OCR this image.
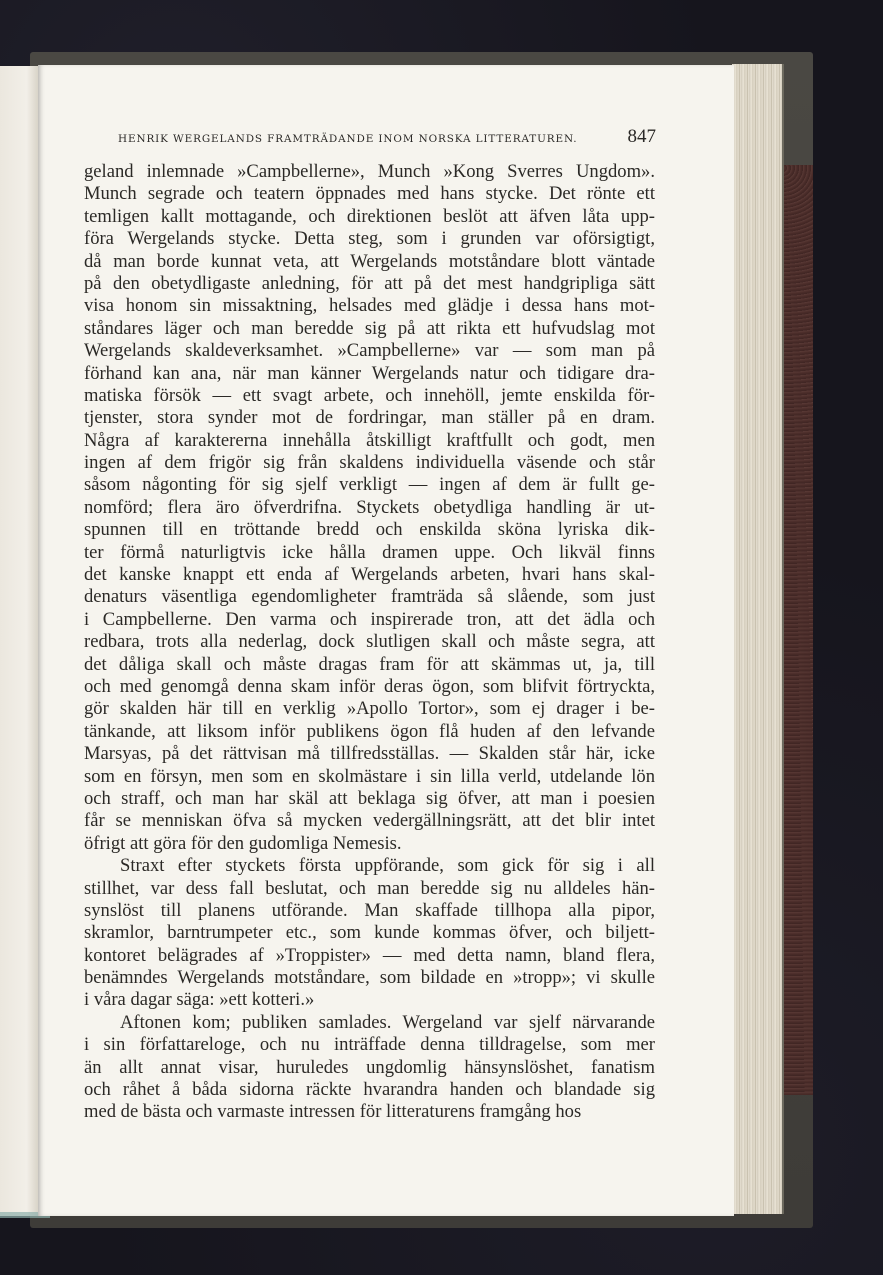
HENRIK WERGELANDS FRAMTRÄDANDE INOM NORSKA LITTERATUREN.	847
geland inlemnade »Campbellerne», Munch »Kong Sverres Ungdom».
Munch segrade och teatern öppnades med hans stycke. Det rönte ett
temligen kallt mottagande, och direktionen beslöt att äfven låta upp-
föra Wergelands stycke. Detta steg, som i grunden var oförsigtigt,
då man borde kunnat veta, att Wergelands motståndare blott väntade
på den obetydligaste anledning, för att på det mest handgripliga sätt
visa honom sin missaktning, helsades med glädje i dessa hans mot-
ståndares läger och man beredde sig på att rikta ett hufvudslag mot
Wergelands skaldeverksamhet. »Campbellerne» var — som man på
förhand kan ana, när man känner Wergelands natur och tidigare dra-
matiska försök — ett svagt arbete, och innehöll, jemte enskilda för-
tjenster, stora synder mot de fordringar, man ställer på en dram.
Några af karaktererna innehålla åtskilligt kraftfullt och godt, men
ingen af dem frigör sig från skaldens individuella väsende och står
såsom någonting för sig sjelf verkligt — ingen af dem är fullt ge-
nomförd; flera äro öfverdrifna. Styckets obetydliga handling är ut-
spunnen till en tröttande bredd och enskilda sköna lyriska dik-
ter förmå naturligtvis icke hålla dramen uppe. Och likväl finns
det kanske knappt ett enda af Wergelands arbeten, hvari hans skal-
denaturs väsentliga egendomligheter framträda så slående, som just
i Campbellerne. Den varma och inspirerade tron, att det ädla och
redbara, trots alla nederlag, dock slutligen skall och måste segra, att
det dåliga skall och måste dragas fram för att skämmas ut, ja, till
och med genomgå denna skam inför deras ögon, som blifvit förtryckta,
gör skalden här till en verklig »Apollo Tortor», som ej drager i be-
tänkande, att liksom inför publikens ögon flå huden af den lefvande
Marsyas, på det rättvisan må tillfredsställas. — Skalden står här, icke
som en försyn, men som en skolmästare i sin lilla verld, utdelande lön
och straff, och man har skäl att beklaga sig öfver, att man i poesien
får se menniskan öfva så mycken vedergällningsrätt, att det blir intet
öfrigt att göra för den gudomliga Nemesis.
Straxt efter styckets första uppförande, som gick för sig i all
stillhet, var dess fall beslutat, och man beredde sig nu alldeles hän-
synslöst till planens utförande. Man skaffade tillhopa alla pipor,
skramlor, barntrumpeter etc., som kunde kommas öfver, och biljett-
kontoret belägrades af »Troppister» — med detta namn, bland flera,
benämndes Wergelands motståndare, som bildade en »tropp»; vi skulle
i våra dagar säga: »ett kotteri.»
Aftonen kom; publiken samlades. Wergeland var sjelf närvarande
i sin författareloge, och nu inträffade denna tilldragelse, som mer
än allt annat visar, huruledes ungdomlig hänsynslöshet, fanatism
och råhet å båda sidorna räckte hvarandra handen och blandade sig
med de bästa och varmaste intressen för litteraturens framgång hos
